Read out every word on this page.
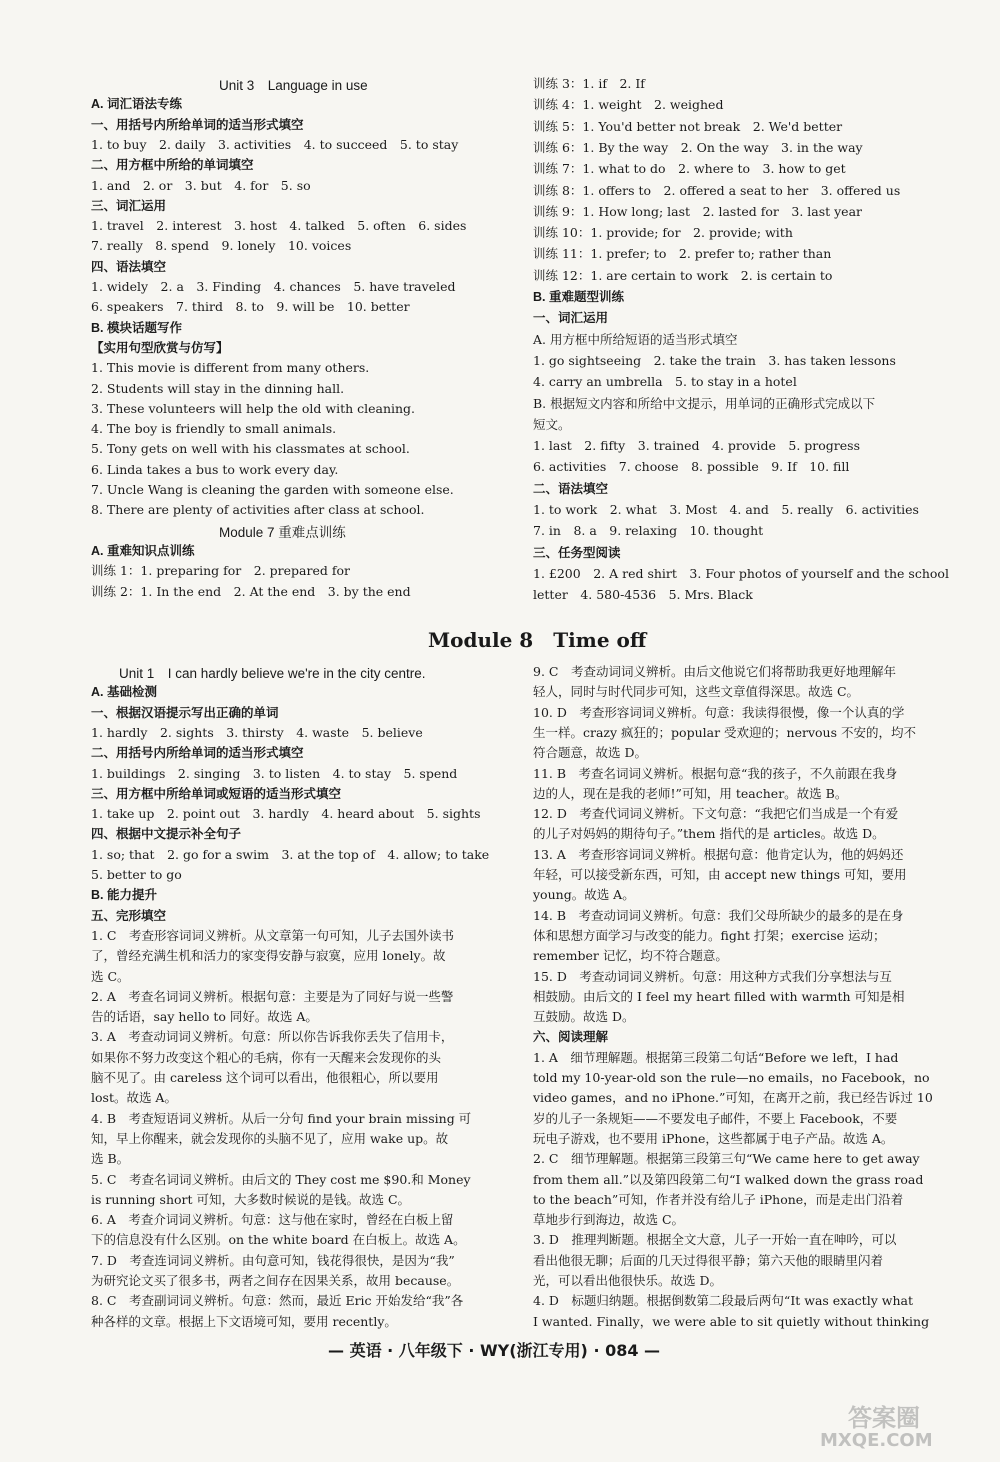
Unit 3　Language in use
A. 词汇语法专练
一、用括号内所给单词的适当形式填空
1. to buy　2. daily　3. activities　4. to succeed　5. to stay
二、用方框中所给的单词填空
1. and　2. or　3. but　4. for　5. so
三、词汇运用
1. travel　2. interest　3. host　4. talked　5. often　6. sides
7. really　8. spend　9. lonely　10. voices
四、语法填空
1. widely　2. a　3. Finding　4. chances　5. have traveled
6. speakers　7. third　8. to　9. will be　10. better
B. 模块话题写作
【实用句型欣赏与仿写】
1. This movie is different from many others.
2. Students will stay in the dinning hall.
3. These volunteers will help the old with cleaning.
4. The boy is friendly to small animals.
5. Tony gets on well with his classmates at school.
6. Linda takes a bus to work every day.
7. Uncle Wang is cleaning the garden with someone else.
8. There are plenty of activities after class at school.
Module 7 重难点训练
A. 重难知识点训练
训练 1：1. preparing for　2. prepared for
训练 2：1. In the end　2. At the end　3. by the end
训练 3：1. if　2. If
训练 4：1. weight　2. weighed
训练 5：1. You'd better not break　2. We'd better
训练 6：1. By the way　2. On the way　3. in the way
训练 7：1. what to do　2. where to　3. how to get
训练 8：1. offers to　2. offered a seat to her　3. offered us
训练 9：1. How long; last　2. lasted for　3. last year
训练 10：1. provide; for　2. provide; with
训练 11：1. prefer; to　2. prefer to; rather than
训练 12：1. are certain to work　2. is certain to
B. 重难题型训练
一、词汇运用
A. 用方框中所给短语的适当形式填空
1. go sightseeing　2. take the train　3. has taken lessons
4. carry an umbrella　5. to stay in a hotel
B. 根据短文内容和所给中文提示，用单词的正确形式完成以下
短文。
1. last　2. fifty　3. trained　4. provide　5. progress
6. activities　7. choose　8. possible　9. If　10. fill
二、语法填空
1. to work　2. what　3. Most　4. and　5. really　6. activities
7. in　8. a　9. relaxing　10. thought
三、任务型阅读
1. £200　2. A red shirt　3. Four photos of yourself and the school
letter　4. 580-4536　5. Mrs. Black
Module 8　Time off
Unit 1　I can hardly believe we're in the city centre.
A. 基础检测
一、根据汉语提示写出正确的单词
1. hardly　2. sights　3. thirsty　4. waste　5. believe
二、用括号内所给单词的适当形式填空
1. buildings　2. singing　3. to listen　4. to stay　5. spend
三、用方框中所给单词或短语的适当形式填空
1. take up　2. point out　3. hardly　4. heard about　5. sights
四、根据中文提示补全句子
1. so; that　2. go for a swim　3. at the top of　4. allow; to take
5. better to go
B. 能力提升
五、完形填空
1. C　考查形容词词义辨析。从文章第一句可知，儿子去国外读书
了，曾经充满生机和活力的家变得安静与寂寞，应用 lonely。故
选 C。
2. A　考查名词词义辨析。根据句意：主要是为了同好与说一些警
告的话语，say hello to 同好。故选 A。
3. A　考查动词词义辨析。句意：所以你告诉我你丢失了信用卡，
如果你不努力改变这个粗心的毛病，你有一天醒来会发现你的头
脑不见了。由 careless 这个词可以看出，他很粗心，所以要用
lost。故选 A。
4. B　考查短语词义辨析。从后一分句 find your brain missing 可
知，早上你醒来，就会发现你的头脑不见了，应用 wake up。故
选 B。
5. C　考查名词词义辨析。由后文的 They cost me $90.和 Money
is running short 可知，大多数时候说的是钱。故选 C。
6. A　考查介词词义辨析。句意：这与他在家时，曾经在白板上留
下的信息没有什么区别。on the white board 在白板上。故选 A。
7. D　考查连词词义辨析。由句意可知，钱花得很快，是因为“我”
为研究论文买了很多书，两者之间存在因果关系，故用 because。
8. C　考查副词词义辨析。句意：然而，最近 Eric 开始发给“我”各
种各样的文章。根据上下文语境可知，要用 recently。
9. C　考查动词词义辨析。由后文他说它们将帮助我更好地理解年
轻人，同时与时代同步可知，这些文章值得深思。故选 C。
10. D　考查形容词词义辨析。句意：我读得很慢，像一个认真的学
生一样。crazy 疯狂的；popular 受欢迎的；nervous 不安的，均不
符合题意，故选 D。
11. B　考查名词词义辨析。根据句意“我的孩子，不久前跟在我身
边的人，现在是我的老师!”可知，用 teacher。故选 B。
12. D　考查代词词义辨析。下文句意：“我把它们当成是一个有爱
的儿子对妈妈的期待句子。”them 指代的是 articles。故选 D。
13. A　考查形容词词义辨析。根据句意：他肯定认为，他的妈妈还
年轻，可以接受新东西，可知，由 accept new things 可知，要用
young。故选 A。
14. B　考查动词词义辨析。句意：我们父母所缺少的最多的是在身
体和思想方面学习与改变的能力。fight 打架；exercise 运动；
remember 记忆，均不符合题意。
15. D　考查动词词义辨析。句意：用这种方式我们分享想法与互
相鼓励。由后文的 I feel my heart filled with warmth 可知是相
互鼓励。故选 D。
六、阅读理解
1. A　细节理解题。根据第三段第二句话“Before we left，I had
told my 10-year-old son the rule—no emails，no Facebook，no
video games，and no iPhone.”可知，在离开之前，我已经告诉过 10
岁的儿子一条规矩——不要发电子邮件，不要上 Facebook，不要
玩电子游戏，也不要用 iPhone，这些都属于电子产品。故选 A。
2. C　细节理解题。根据第三段第三句“We came here to get away
from them all.”以及第四段第二句“I walked down the grass road
to the beach”可知，作者并没有给儿子 iPhone，而是走出门沿着
草地步行到海边，故选 C。
3. D　推理判断题。根据全文大意，儿子一开始一直在呻吟，可以
看出他很无聊；后面的几天过得很平静；第六天他的眼睛里闪着
光，可以看出他很快乐。故选 D。
4. D　标题归纳题。根据倒数第二段最后两句“It was exactly what
I wanted. Finally，we were able to sit quietly without thinking
— 英语 · 八年级下 · WY(浙江专用) · 084 —
答案圈
MXQE.COM
